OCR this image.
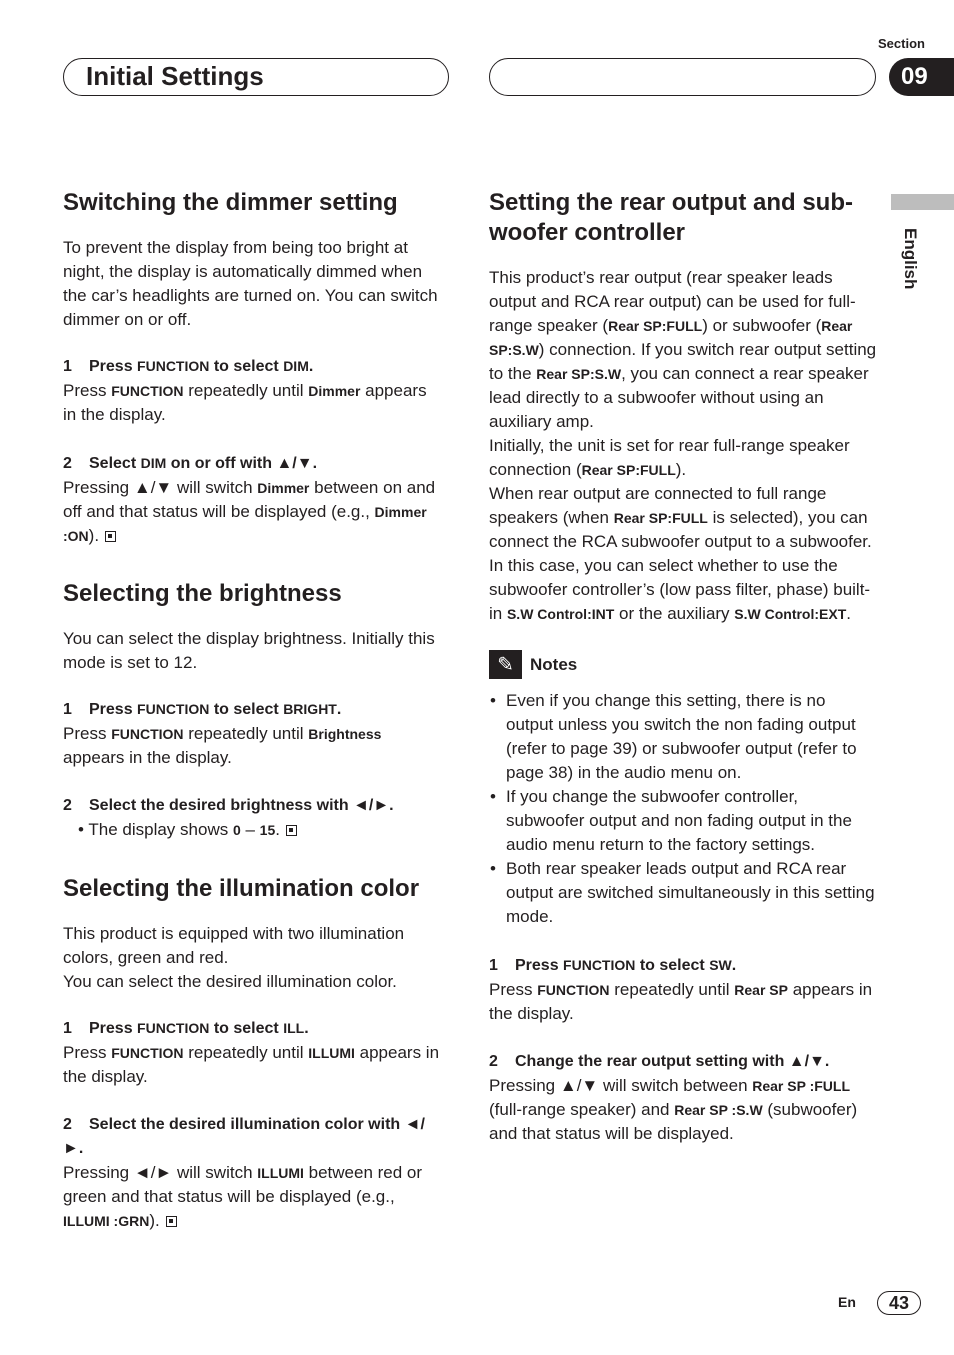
Initial Settings
Section
09
English
Switching the dimmer setting

To prevent the display from being too bright at night, the display is automatically dimmed when the car’s headlights are turned on. You can switch dimmer on or off.

1 Press FUNCTION to select DIM.

Press FUNCTION repeatedly until Dimmer appears in the display.

2 Select DIM on or off with ▲/▼.

Pressing ▲/▼ will switch Dimmer between on and off and that status will be displayed (e.g., Dimmer :ON).

Selecting the brightness

You can select the display brightness. Initially this mode is set to 12.

1 Press FUNCTION to select BRIGHT.

Press FUNCTION repeatedly until Brightness appears in the display.

2 Select the desired brightness with ◄/►.

• The display shows 0 – 15.

Selecting the illumination color

This product is equipped with two illumination colors, green and red.

You can select the desired illumination color.

1 Press FUNCTION to select ILL.

Press FUNCTION repeatedly until ILLUMI appears in the display.

2 Select the desired illumination color with ◄/►.

Pressing ◄/► will switch ILLUMI between red or green and that status will be displayed (e.g., ILLUMI :GRN).

Setting the rear output and sub-woofer controller

This product’s rear output (rear speaker leads output and RCA rear output) can be used for full-range speaker (Rear SP:FULL) or subwoofer (Rear SP:S.W) connection. If you switch rear output setting to the Rear SP:S.W, you can connect a rear speaker lead directly to a subwoofer without using an auxiliary amp.

Initially, the unit is set for rear full-range speaker connection (Rear SP:FULL).

When rear output are connected to full range speakers (when Rear SP:FULL is selected), you can connect the RCA subwoofer output to a subwoofer. In this case, you can select whether to use the subwoofer controller’s (low pass filter, phase) built-in S.W Control:INT or the auxiliary S.W Control:EXT.

✎ Notes
• Even if you change this setting, there is no output unless you switch the non fading output (refer to page 39) or subwoofer output (refer to page 38) in the audio menu on.
• If you change the subwoofer controller, subwoofer output and non fading output in the audio menu return to the factory settings.
• Both rear speaker leads output and RCA rear output are switched simultaneously in this setting mode.

1 Press FUNCTION to select SW.

Press FUNCTION repeatedly until Rear SP appears in the display.

2 Change the rear output setting with ▲/▼.

Pressing ▲/▼ will switch between Rear SP :FULL (full-range speaker) and Rear SP :S.W (subwoofer) and that status will be displayed.

En	43
